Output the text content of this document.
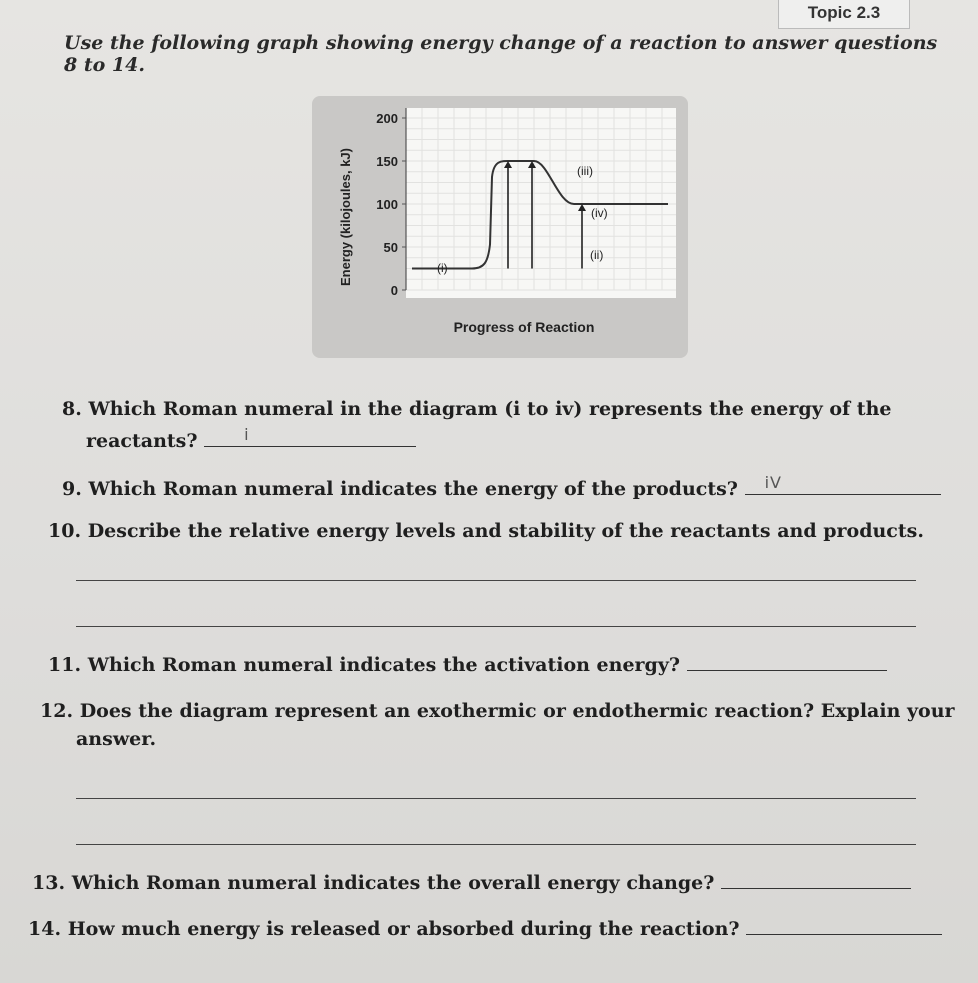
Topic 2.3
Use the following graph showing energy change of a reaction to answer questions 8 to 14.
0
50
100
150
200
Energy (kilojoules, kJ)
Progress of Reaction
(i)
(ii)
(iii)
(iv)
8. Which Roman numeral in the diagram (i to iv) represents the energy of the
reactants?	i
9. Which Roman numeral indicates the energy of the products? iV
10. Describe the relative energy levels and stability of the reactants and products.
11. Which Roman numeral indicates the activation energy?
12. Does the diagram represent an exothermic or endothermic reaction? Explain your
answer.
13. Which Roman numeral indicates the overall energy change?
14. How much energy is released or absorbed during the reaction?
